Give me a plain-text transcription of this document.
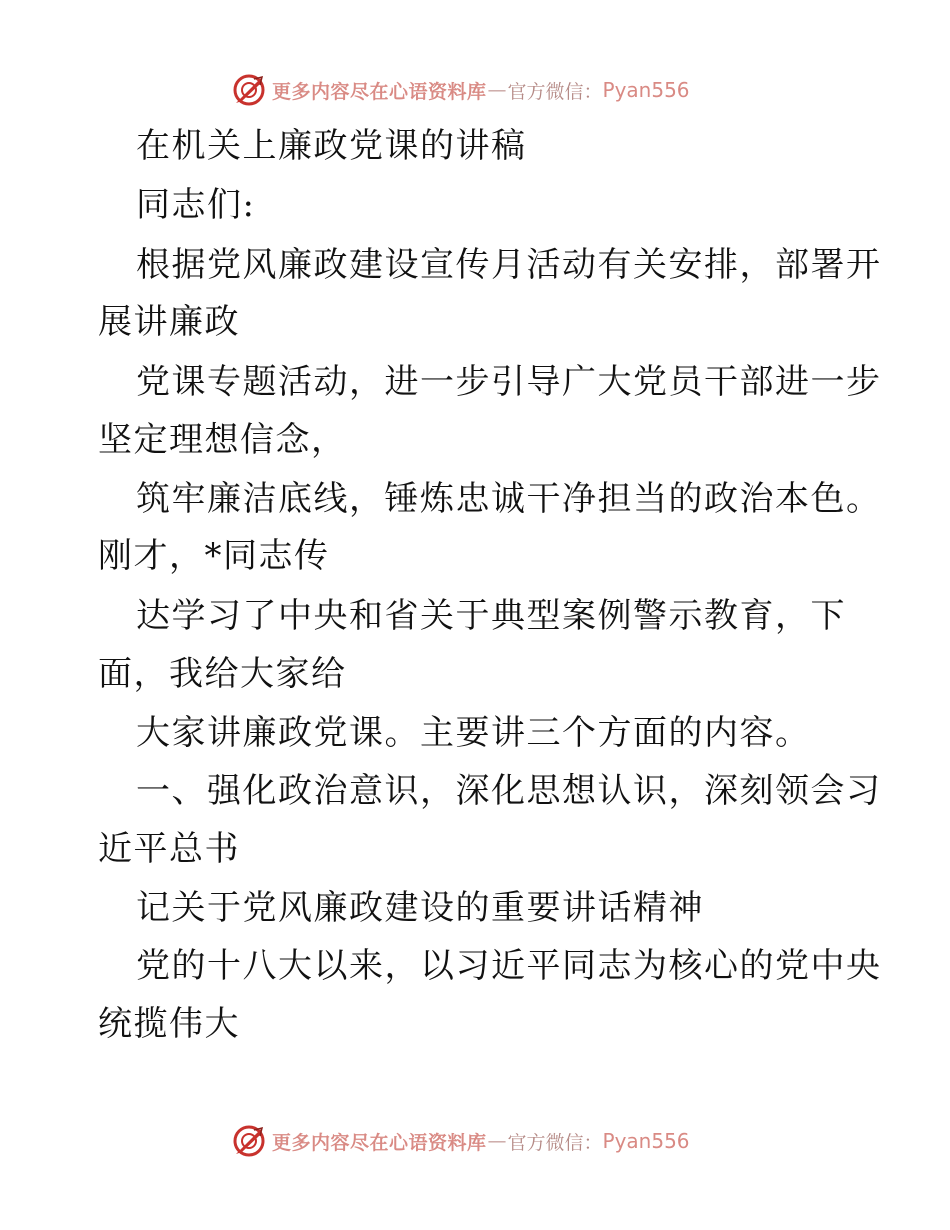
更多内容尽在心语资料库 — 官方微信： Pyan556
在机关上廉政党课的讲稿
同志们:
根据党风廉政建设宣传月活动有关安排，部署开
展讲廉政
党课专题活动，进一步引导广大党员干部进一步
坚定理想信念，
筑牢廉洁底线，锤炼忠诚干净担当的政治本色。
刚才，*同志传
达学习了中央和省关于典型案例警示教育，下
面，我给大家给
大家讲廉政党课。主要讲三个方面的内容。
一、强化政治意识，深化思想认识，深刻领会习
近平总书
记关于党风廉政建设的重要讲话精神
党的十八大以来，以习近平同志为核心的党中央
统揽伟大
更多内容尽在心语资料库 — 官方微信： Pyan556
